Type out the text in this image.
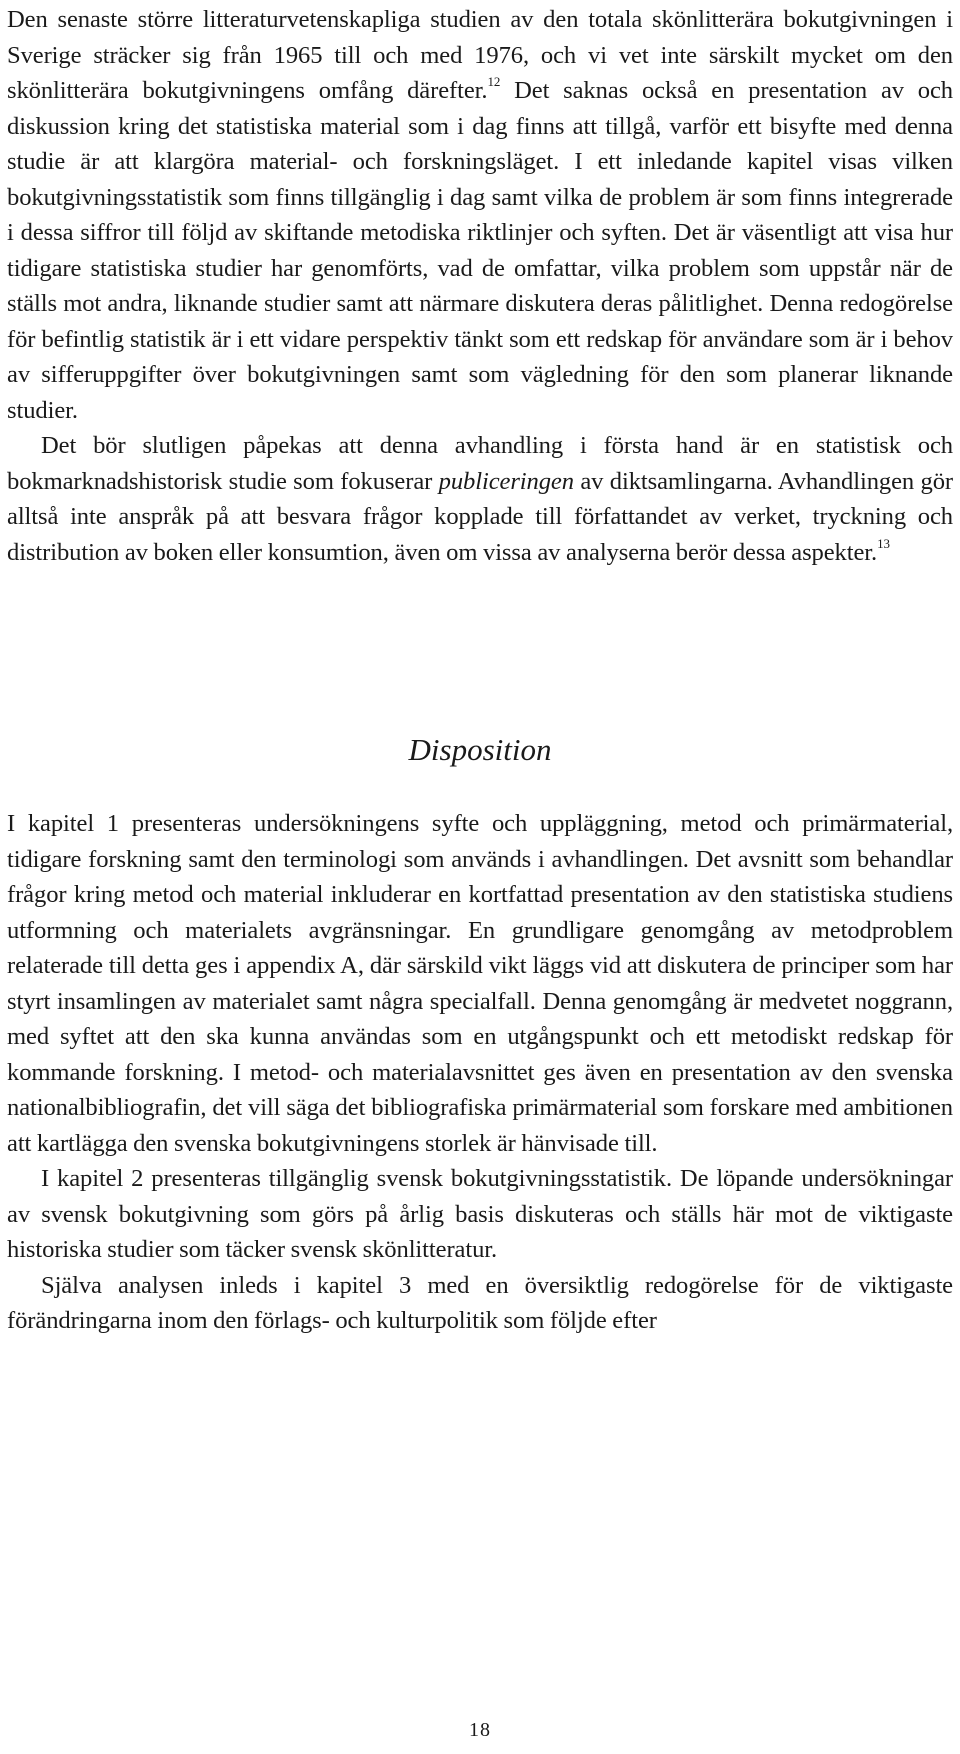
Den senaste större litteraturvetenskapliga studien av den totala skönlitterära bokutgivningen i Sverige sträcker sig från 1965 till och med 1976, och vi vet inte särskilt mycket om den skönlitterära bokutgivningens omfång därefter.$^{12}$ Det saknas också en presentation av och diskussion kring det statistiska material som i dag finns att tillgå, varför ett bisyfte med denna studie är att klargöra material- och forskningsläget. I ett inledande kapitel visas vilken bokutgivningsstatistik som finns tillgänglig i dag samt vilka de problem är som finns integrerade i dessa siffror till följd av skiftande metodiska riktlinjer och syften. Det är väsentligt att visa hur tidigare statistiska studier har genomförts, vad de omfattar, vilka problem som uppstår när de ställs mot andra, liknande studier samt att närmare diskutera deras pålitlighet. Denna redogörelse för befintlig statistik är i ett vidare perspektiv tänkt som ett redskap för användare som är i behov av sifferuppgifter över bokutgivningen samt som vägledning för den som planerar liknande studier.

Det bör slutligen påpekas att denna avhandling i första hand är en statistisk och bokmarknadshistorisk studie som fokuserar publiceringen av diktsamlingarna. Avhandlingen gör alltså inte anspråk på att besvara frågor kopplade till författandet av verket, tryckning och distribution av boken eller konsumtion, även om vissa av analyserna berör dessa aspekter.$^{13}$

Disposition

I kapitel 1 presenteras undersökningens syfte och uppläggning, metod och primärmaterial, tidigare forskning samt den terminologi som används i avhandlingen. Det avsnitt som behandlar frågor kring metod och material inkluderar en kortfattad presentation av den statistiska studiens utformning och materialets avgränsningar. En grundligare genomgång av metodproblem relaterade till detta ges i appendix A, där särskild vikt läggs vid att diskutera de principer som har styrt insamlingen av materialet samt några specialfall. Denna genomgång är medvetet noggrann, med syftet att den ska kunna användas som en utgångspunkt och ett metodiskt redskap för kommande forskning. I metod- och materialavsnittet ges även en presentation av den svenska nationalbibliografin, det vill säga det bibliografiska primärmaterial som forskare med ambitionen att kartlägga den svenska bokutgivningens storlek är hänvisade till.

I kapitel 2 presenteras tillgänglig svensk bokutgivningsstatistik. De löpande undersökningar av svensk bokutgivning som görs på årlig basis diskuteras och ställs här mot de viktigaste historiska studier som täcker svensk skönlitteratur.

Själva analysen inleds i kapitel 3 med en översiktlig redogörelse för de viktigaste förändringarna inom den förlags- och kulturpolitik som följde efter

18
